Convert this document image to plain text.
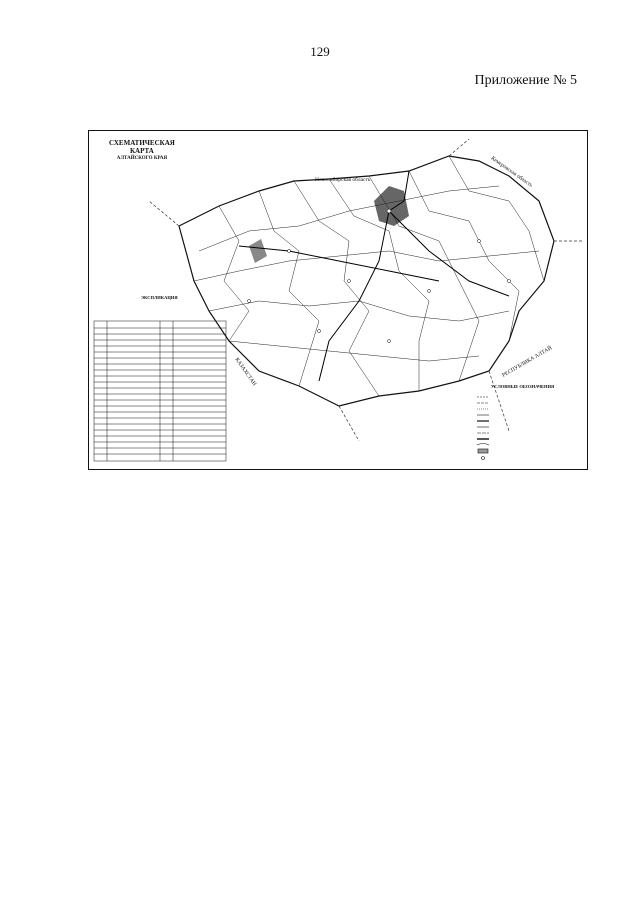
129
Приложение № 5
СХЕМАТИЧЕСКАЯ
КАРТА
АЛТАЙСКОГО КРАЯ
Новосибирская область	Кемеровская область
РЕСПУБЛИКА АЛТАЙ
КАЗАХСТАН
ЭКСПЛИКАЦИЯ
УСЛОВНЫЕ ОБОЗНАЧЕНИЯ
